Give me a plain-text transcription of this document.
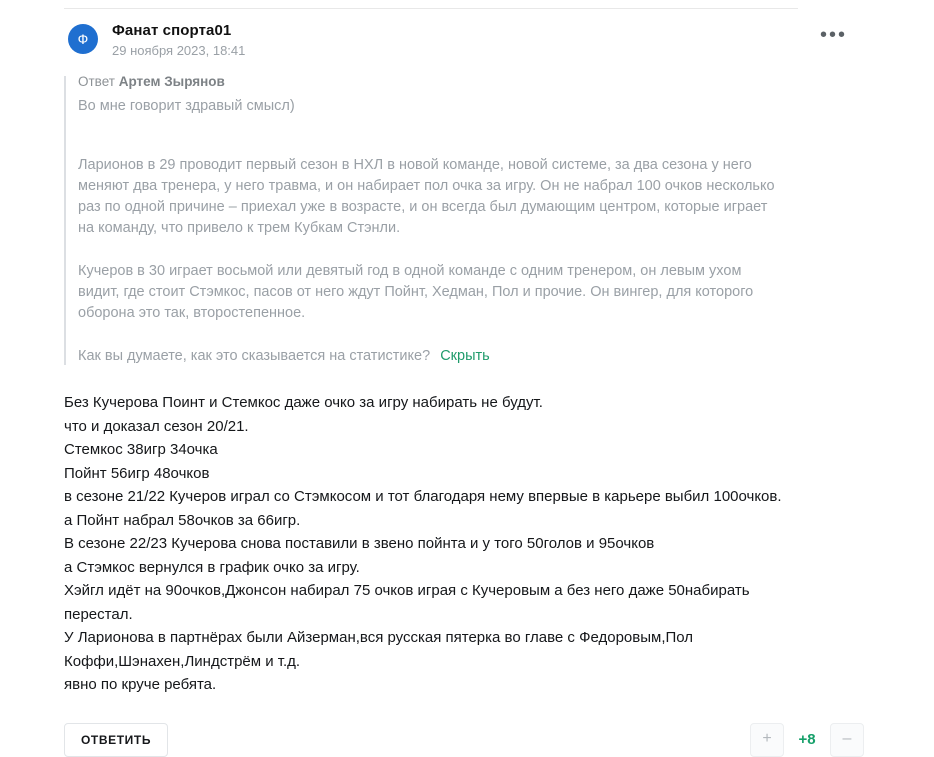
Ф	Фанат спорта01
29 ноября 2023, 18:41
•••
Ответ Артем Зырянов

Во мне говорит здравый смысл)

Ларионов в 29 проводит первый сезон в НХЛ в новой команде, новой системе, за два сезона у него меняют два тренера, у него травма, и он набирает пол очка за игру. Он не набрал 100 очков несколько раз по одной причине – приехал уже в возрасте, и он всегда был думающим центром, которые играет на команду, что привело к трем Кубкам Стэнли.

Кучеров в 30 играет восьмой или девятый год в одной команде с одним тренером, он левым ухом видит, где стоит Стэмкос, пасов от него ждут Пойнт, Хедман, Пол и прочие. Он вингер, для которого оборона это так, второстепенное.

Как вы думаете, как это сказывается на статистике? Скрыть

Без Кучерова Поинт и Стемкос даже очко за игру набирать не будут.
что и доказал сезон 20/21.
Стемкос 38игр 34очка
Пойнт 56игр 48очков
в сезоне 21/22 Кучеров играл со Стэмкосом и тот благодаря нему впервые в карьере выбил 100очков.
а Пойнт набрал 58очков за 66игр.
В сезоне 22/23 Кучерова снова поставили в звено пойнта и у того 50голов и 95очков
а Стэмкос вернулся в график очко за игру.
Хэйгл идёт на 90очков,Джонсон набирал 75 очков играя с Кучеровым а без него даже 50набирать перестал.
У Ларионова в партнёрах были Айзерман,вся русская пятерка во главе с Федоровым,Пол Коффи,Шэнахен,Линдстрём и т.д.
явно по круче ребята.
ОТВЕТИТЬ	+	+8	–
